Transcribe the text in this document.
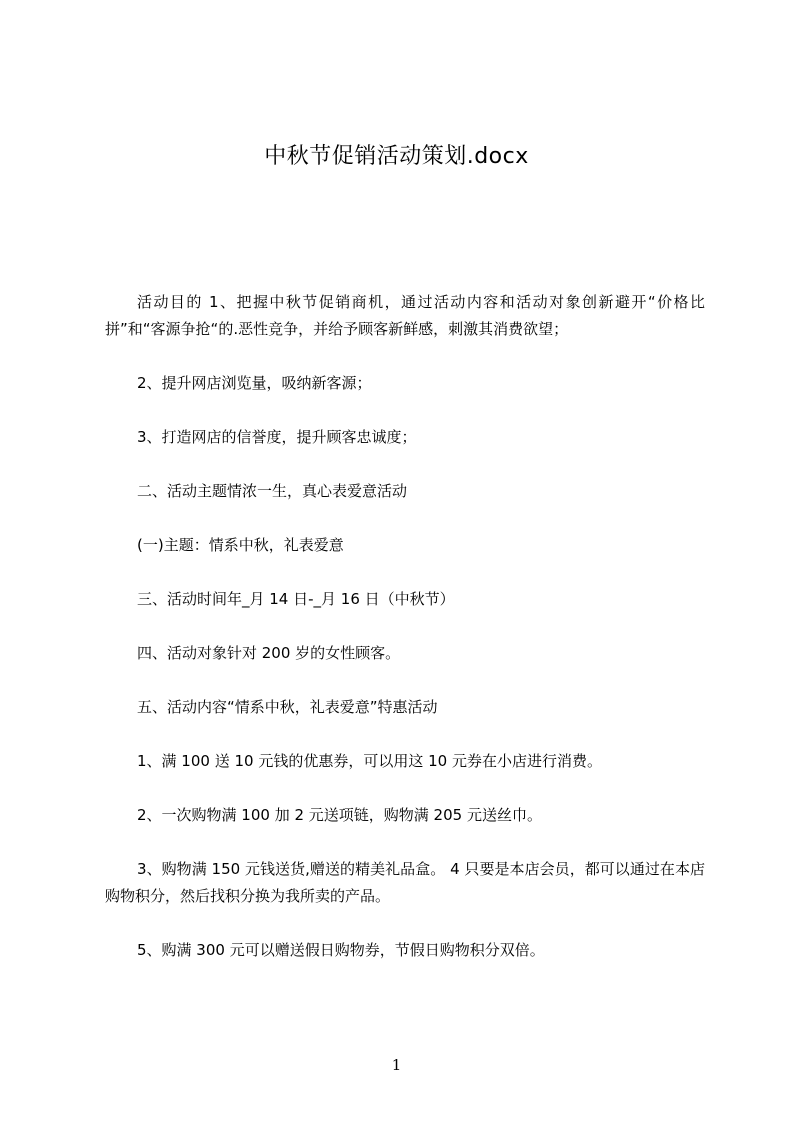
中秋节促销活动策划.docx

活动目的 1、把握中秋节促销商机，通过活动内容和活动对象创新避开“价格比拼”和“客源争抢“的.恶性竞争，并给予顾客新鲜感，刺激其消费欲望；

2、提升网店浏览量，吸纳新客源；

3、打造网店的信誉度，提升顾客忠诚度；

二、活动主题情浓一生，真心表爱意活动

(一)主题：情系中秋，礼表爱意

三、活动时间年_月 14 日-_月 16 日（中秋节）

四、活动对象针对 200 岁的女性顾客。

五、活动内容“情系中秋，礼表爱意”特惠活动

1、满 100 送 10 元钱的优惠券，可以用这 10 元券在小店进行消费。

2、一次购物满 100 加 2 元送项链，购物满 205 元送丝巾。

3、购物满 150 元钱送货,赠送的精美礼品盒。 4 只要是本店会员，都可以通过在本店购物积分，然后找积分换为我所卖的产品。

5、购满 300 元可以赠送假日购物券，节假日购物积分双倍。

1
